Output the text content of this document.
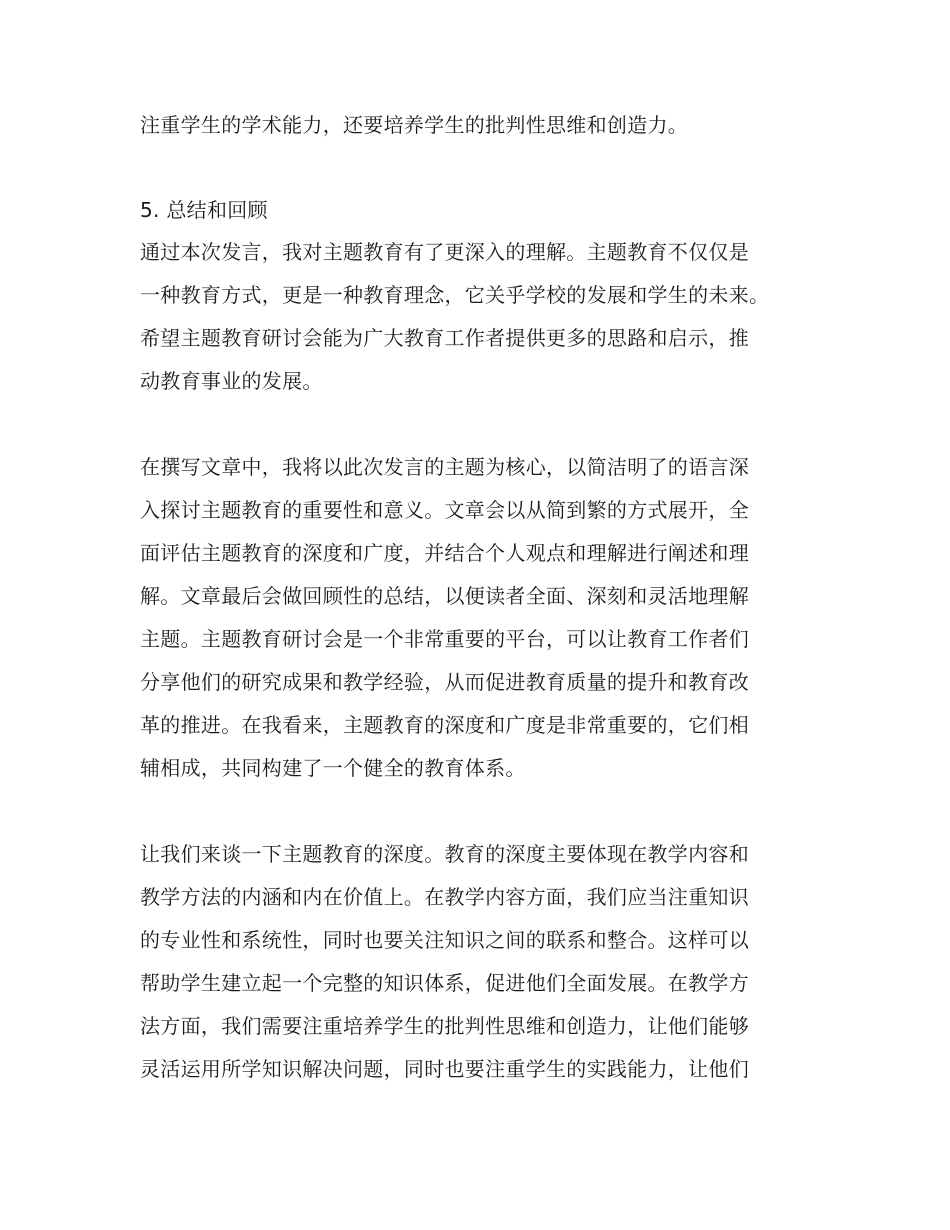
注重学生的学术能力，还要培养学生的批判性思维和创造力。
5. 总结和回顾
通过本次发言，我对主题教育有了更深入的理解。主题教育不仅仅是
一种教育方式，更是一种教育理念，它关乎学校的发展和学生的未来。
希望主题教育研讨会能为广大教育工作者提供更多的思路和启示，推
动教育事业的发展。
在撰写文章中，我将以此次发言的主题为核心，以简洁明了的语言深
入探讨主题教育的重要性和意义。文章会以从简到繁的方式展开，全
面评估主题教育的深度和广度，并结合个人观点和理解进行阐述和理
解。文章最后会做回顾性的总结，以便读者全面、深刻和灵活地理解
主题。主题教育研讨会是一个非常重要的平台，可以让教育工作者们
分享他们的研究成果和教学经验，从而促进教育质量的提升和教育改
革的推进。在我看来，主题教育的深度和广度是非常重要的，它们相
辅相成，共同构建了一个健全的教育体系。
让我们来谈一下主题教育的深度。教育的深度主要体现在教学内容和
教学方法的内涵和内在价值上。在教学内容方面，我们应当注重知识
的专业性和系统性，同时也要关注知识之间的联系和整合。这样可以
帮助学生建立起一个完整的知识体系，促进他们全面发展。在教学方
法方面，我们需要注重培养学生的批判性思维和创造力，让他们能够
灵活运用所学知识解决问题，同时也要注重学生的实践能力，让他们
